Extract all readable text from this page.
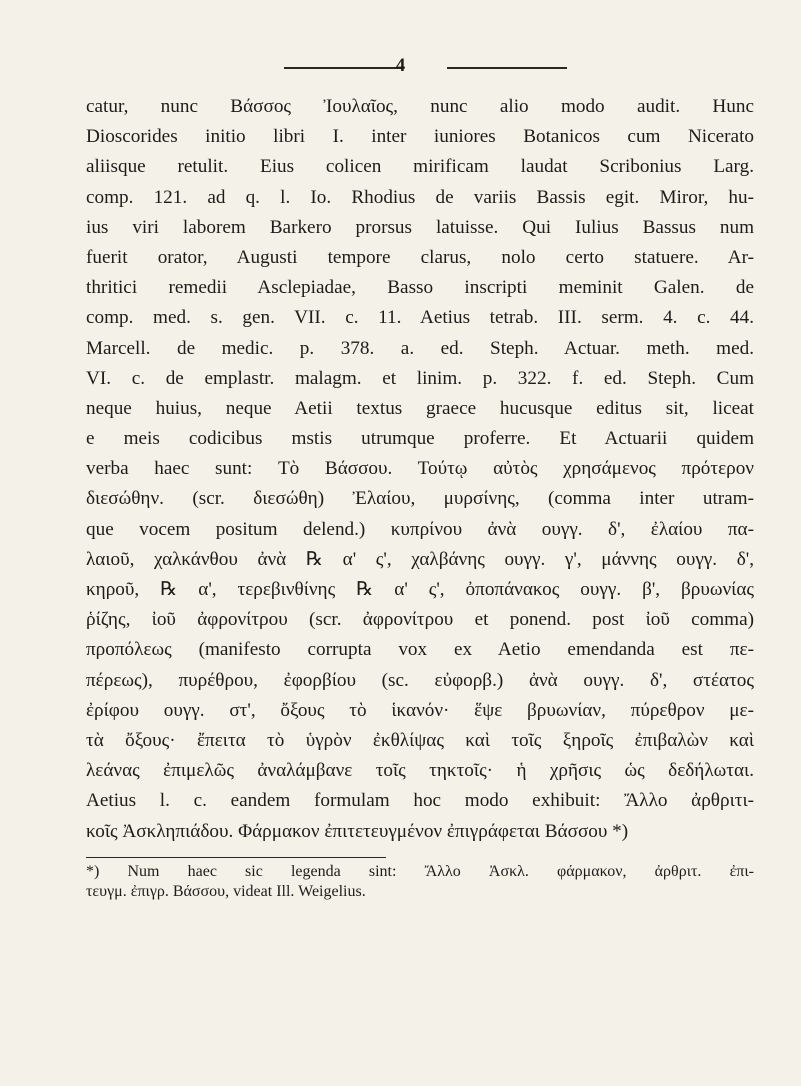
4
catur, nunc Βάσσος Ἰουλαῖος, nunc alio modo audit. Hunc
Dioscorides initio libri I. inter iuniores Botanicos cum Nicerato
aliisque retulit. Eius colicen mirificam laudat Scribonius Larg.
comp. 121. ad q. l. Io. Rhodius de variis Bassis egit. Miror, hu-
ius viri laborem Barkero prorsus latuisse. Qui Iulius Bassus num
fuerit orator, Augusti tempore clarus, nolo certo statuere. Ar-
thritici remedii Asclepiadae, Basso inscripti meminit Galen. de
comp. med. s. gen. VII. c. 11. Aetius tetrab. III. serm. 4. c. 44.
Marcell. de medic. p. 378. a. ed. Steph. Actuar. meth. med.
VI. c. de emplastr. malagm. et linim. p. 322. f. ed. Steph. Cum
neque huius, neque Aetii textus graece hucusque editus sit, liceat
e meis codicibus mstis utrumque proferre. Et Actuarii quidem
verba haec sunt: Τὸ Βάσσου. Τούτῳ αὐτὸς χρησάμενος πρότερον
διεσώθην. (scr. διεσώθη) Ἐλαίου, μυρσίνης, (comma inter utram-
que vocem positum delend.) κυπρίνου ἀνὰ ουγγ. δ', ἐλαίου πα-
λαιοῦ, χαλκάνθου ἀνὰ ℞ α' ς', χαλβάνης ουγγ. γ', μάννης ουγγ. δ',
κηροῦ, ℞ α', τερεβινθίνης ℞ α' ς', ὀποπάνακος ουγγ. β', βρυωνίας
ῥίζης, ἰοῦ ἀφρονίτρου (scr. ἀφρονίτρου et ponend. post ἰοῦ comma)
προπόλεως (manifesto corrupta vox ex Aetio emendanda est πε-
πέρεως), πυρέθρου, ἐφορβίου (sc. εὐφορβ.) ἀνὰ ουγγ. δ', στέατος
ἐρίφου ουγγ. στ', ὄξους τὸ ἱκανόν· ἕψε βρυωνίαν, πύρεθρον με-
τὰ ὄξους· ἔπειτα τὸ ὑγρὸν ἐκθλίψας καὶ τοῖς ξηροῖς ἐπιβαλὼν καὶ
λεάνας ἐπιμελῶς ἀναλάμβανε τοῖς τηκτοῖς· ἡ χρῆσις ὡς δεδήλωται.
Aetius l. c. eandem formulam hoc modo exhibuit: Ἄλλο ἀρθριτι-
κοῖς Ἀσκληπιάδου. Φάρμακον ἐπιτετευγμένον ἐπιγράφεται Βάσσου *)
*) Num haec sic legenda sint: Ἄλλο Ἀσκλ. φάρμακον, ἀρθριτ. ἐπι-
τευγμ. ἐπιγρ. Βάσσου, videat Ill. Weigelius.
